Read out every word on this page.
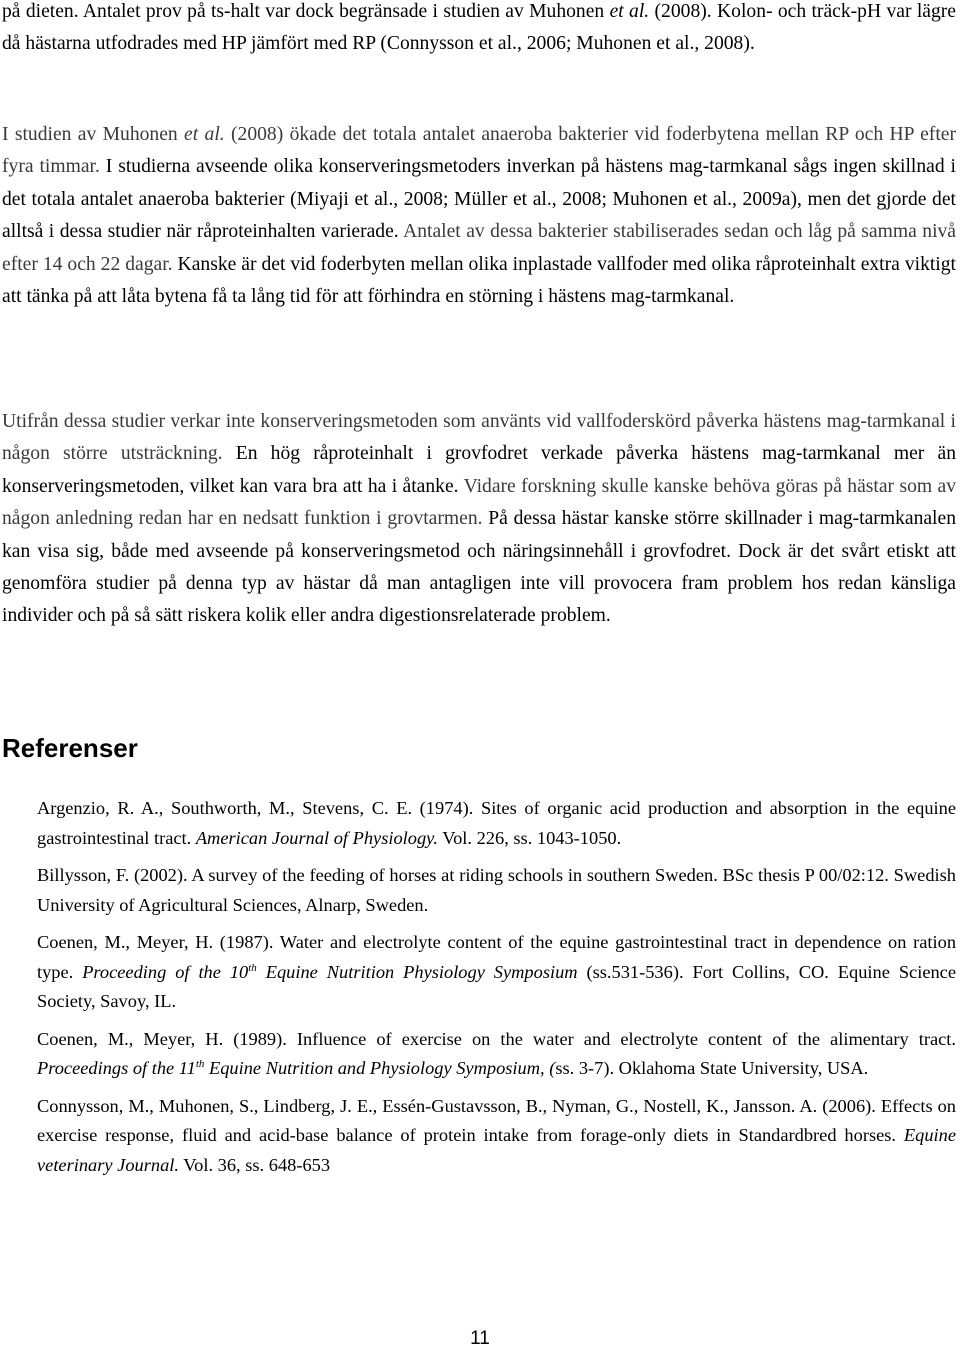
på dieten. Antalet prov på ts-halt var dock begränsade i studien av Muhonen et al. (2008). Kolon- och träck-pH var lägre då hästarna utfodrades med HP jämfört med RP (Connysson et al., 2006; Muhonen et al., 2008).

I studien av Muhonen et al. (2008) ökade det totala antalet anaeroba bakterier vid foderbytena mellan RP och HP efter fyra timmar. I studierna avseende olika konserveringsmetoders inverkan på hästens mag-tarmkanal sågs ingen skillnad i det totala antalet anaeroba bakterier (Miyaji et al., 2008; Müller et al., 2008; Muhonen et al., 2009a), men det gjorde det alltså i dessa studier när råproteinhalten varierade. Antalet av dessa bakterier stabiliserades sedan och låg på samma nivå efter 14 och 22 dagar. Kanske är det vid foderbyten mellan olika inplastade vallfoder med olika råproteinhalt extra viktigt att tänka på att låta bytena få ta lång tid för att förhindra en störning i hästens mag-tarmkanal.

Utifrån dessa studier verkar inte konserveringsmetoden som använts vid vallfoderskörd påverka hästens mag-tarmkanal i någon större utsträckning. En hög råproteinhalt i grovfodret verkade påverka hästens mag-tarmkanal mer än konserveringsmetoden, vilket kan vara bra att ha i åtanke. Vidare forskning skulle kanske behöva göras på hästar som av någon anledning redan har en nedsatt funktion i grovtarmen. På dessa hästar kanske större skillnader i mag-tarmkanalen kan visa sig, både med avseende på konserveringsmetod och näringsinnehåll i grovfodret. Dock är det svårt etiskt att genomföra studier på denna typ av hästar då man antagligen inte vill provocera fram problem hos redan känsliga individer och på så sätt riskera kolik eller andra digestionsrelaterade problem.

Referenser

Argenzio, R. A., Southworth, M., Stevens, C. E. (1974). Sites of organic acid production and absorption in the equine gastrointestinal tract. American Journal of Physiology. Vol. 226, ss. 1043-1050.

Billysson, F. (2002). A survey of the feeding of horses at riding schools in southern Sweden. BSc thesis P 00/02:12. Swedish University of Agricultural Sciences, Alnarp, Sweden.

Coenen, M., Meyer, H. (1987). Water and electrolyte content of the equine gastrointestinal tract in dependence on ration type. Proceeding of the 10th Equine Nutrition Physiology Symposium (ss.531-536). Fort Collins, CO. Equine Science Society, Savoy, IL.

Coenen, M., Meyer, H. (1989). Influence of exercise on the water and electrolyte content of the alimentary tract. Proceedings of the 11th Equine Nutrition and Physiology Symposium, (ss. 3-7). Oklahoma State University, USA.

Connysson, M., Muhonen, S., Lindberg, J. E., Essén-Gustavsson, B., Nyman, G., Nostell, K., Jansson. A. (2006). Effects on exercise response, fluid and acid-base balance of protein intake from forage-only diets in Standardbred horses. Equine veterinary Journal. Vol. 36, ss. 648-653

11
